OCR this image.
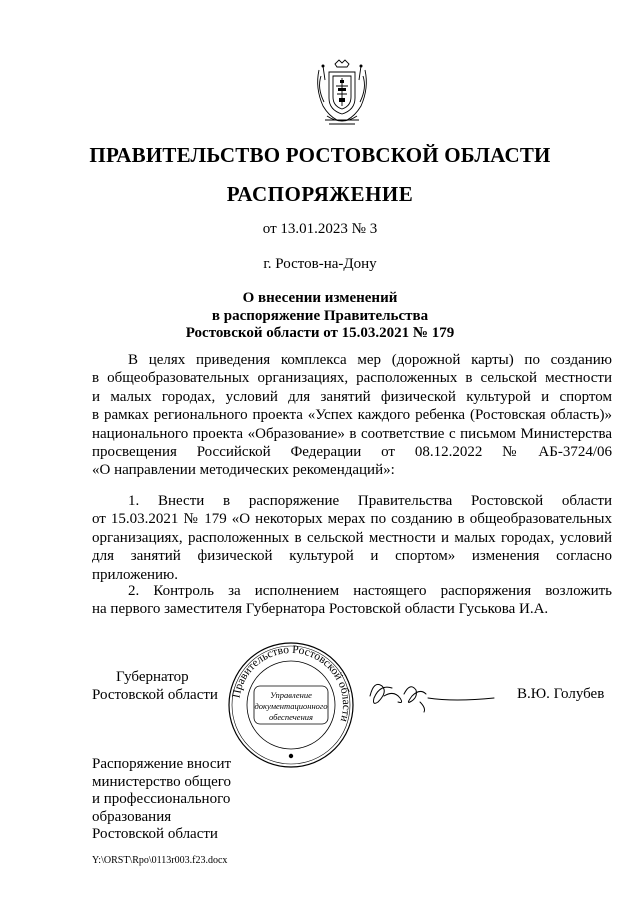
ПРАВИТЕЛЬСТВО РОСТОВСКОЙ ОБЛАСТИ
РАСПОРЯЖЕНИЕ
от 13.01.2023 № 3
г. Ростов-на-Дону
О внесении изменений
в распоряжение Правительства
Ростовской области от 15.03.2021 № 179
В целях приведения комплекса мер (дорожной карты) по созданию
в общеобразовательных организациях, расположенных в сельской местности
и малых городах, условий для занятий физической культурой и спортом
в рамках регионального проекта «Успех каждого ребенка (Ростовская область)»
национального проекта «Образование» в соответствие с письмом Министерства
просвещения Российской Федерации от 08.12.2022 № АБ-3724/06
«О направлении методических рекомендаций»:
1. Внести в распоряжение Правительства Ростовской области
от 15.03.2021 № 179 «О некоторых мерах по созданию в общеобразовательных
организациях, расположенных в сельской местности и малых городах, условий
для занятий физической культурой и спортом» изменения согласно
приложению.
2. Контроль за исполнением настоящего распоряжения возложить
на первого заместителя Губернатора Ростовской области Гуськова И.А.
Губернатор
Ростовской области Правительство Ростовской области
Управление
документационного
обеспечения
В.Ю. Голубев
Распоряжение вносит
министерство общего
и профессионального
образования
Ростовской области
Y:\ORST\Rpo\0113r003.f23.docx
